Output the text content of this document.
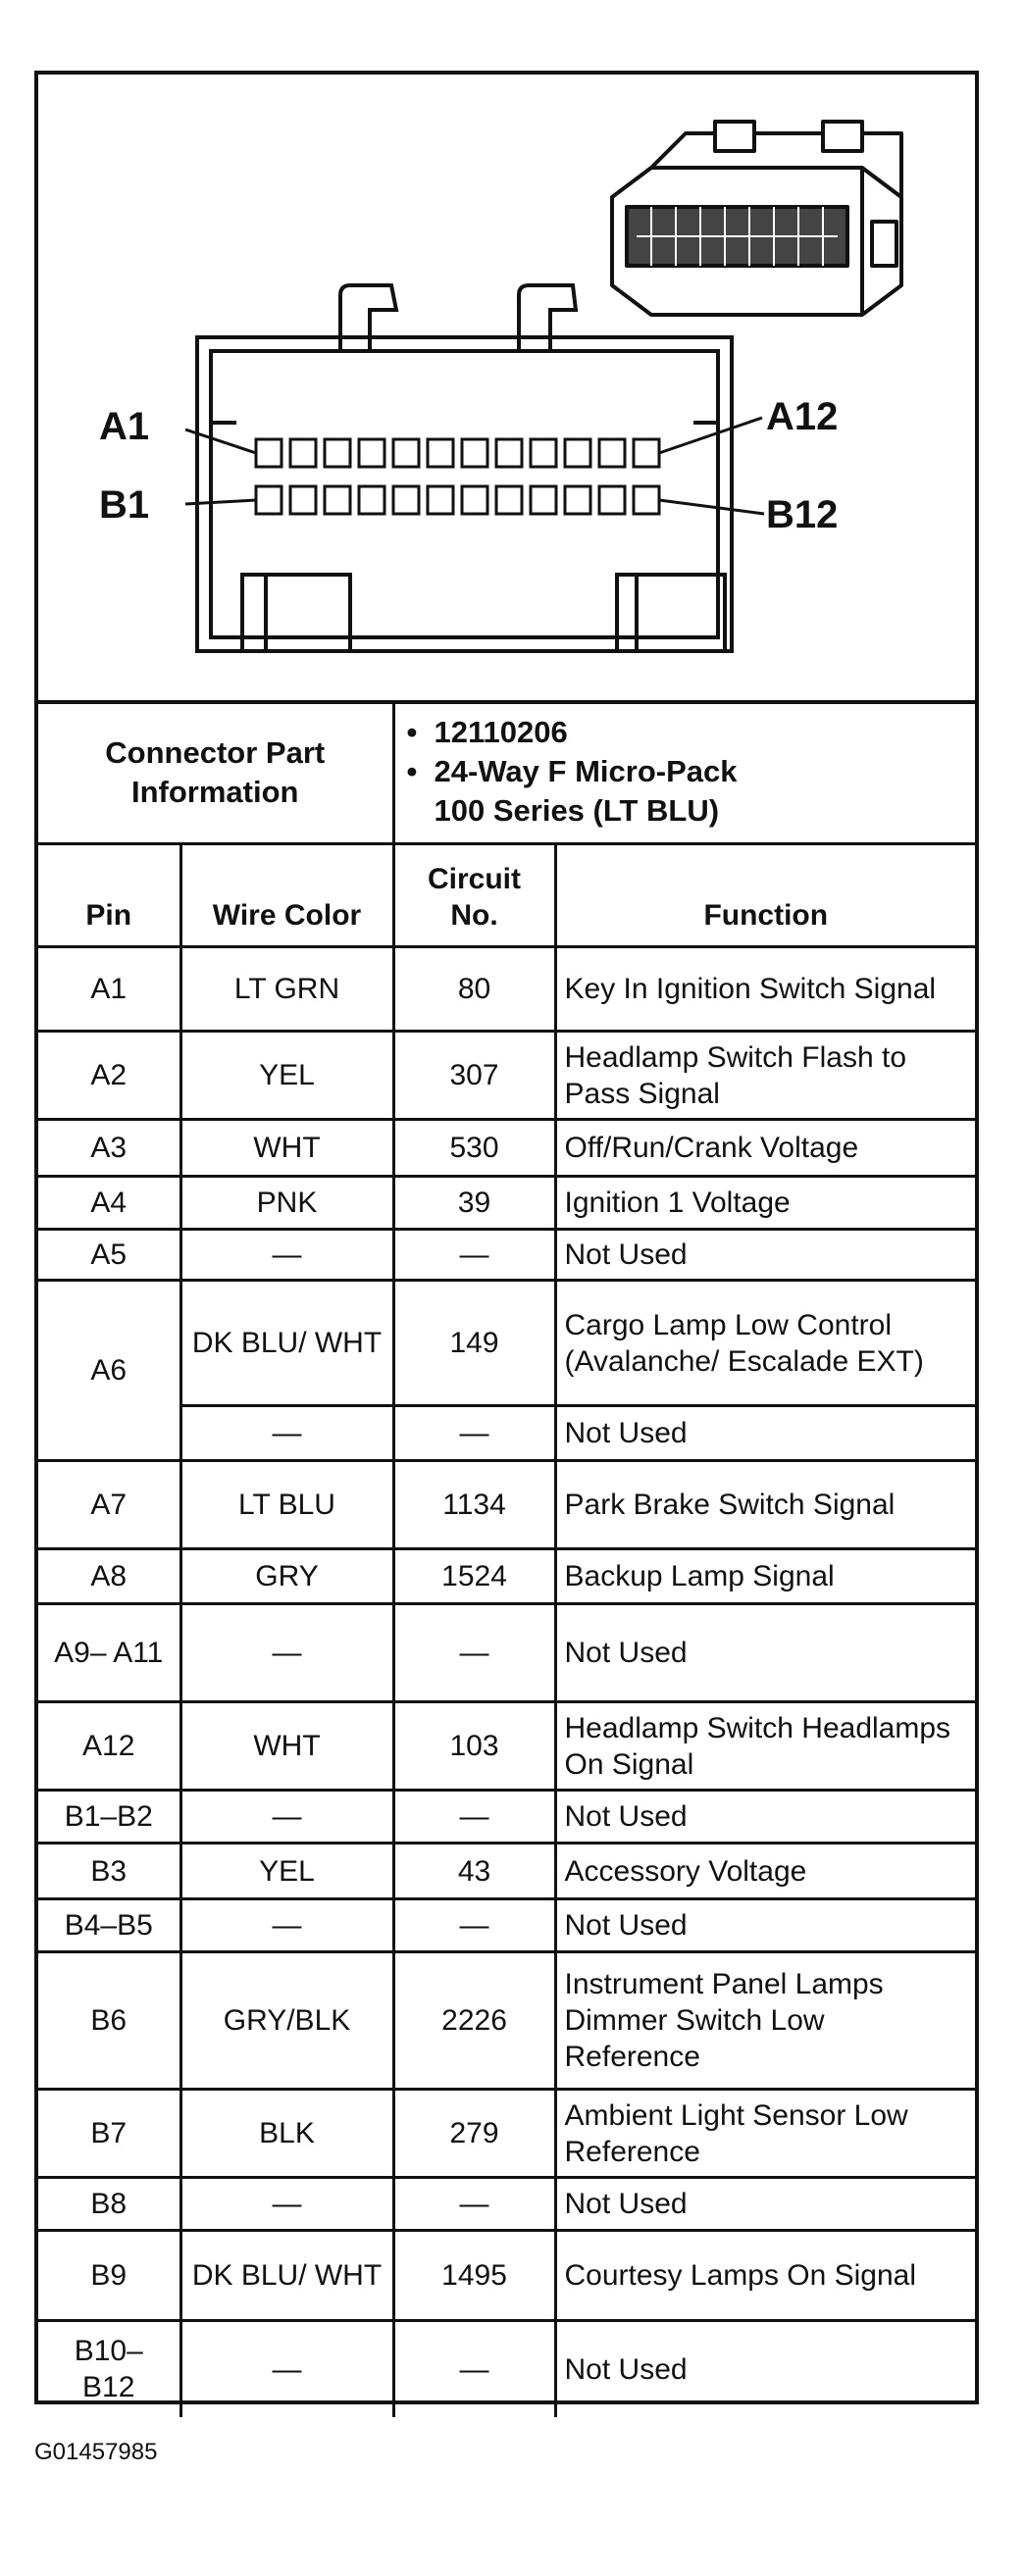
A1
B1
A12
B12
Connector Part Information		• 12110206
• 24-Way F Micro-Pack
100 Series (LT BLU)

Pin	Wire Color	Circuit No.	Function
A1	LT GRN	80	Key In Ignition Switch Signal
A2	YEL	307	Headlamp Switch Flash to Pass Signal
A3	WHT	530	Off/Run/Crank Voltage
A4	PNK	39	Ignition 1 Voltage
A5	—	—	Not Used
A6	DK BLU/ WHT	149	Cargo Lamp Low Control (Avalanche/ Escalade EXT)
	—	—	Not Used
A7	LT BLU	1134	Park Brake Switch Signal
A8	GRY	1524	Backup Lamp Signal
A9– A11	—	—	Not Used
A12	WHT	103	Headlamp Switch Headlamps On Signal
B1–B2	—	—	Not Used
B3	YEL	43	Accessory Voltage
B4–B5	—	—	Not Used
B6	GRY/BLK	2226	Instrument Panel Lamps Dimmer Switch Low Reference
B7	BLK	279	Ambient Light Sensor Low Reference
B8	—	—	Not Used
B9	DK BLU/ WHT	1495	Courtesy Lamps On Signal
B10– B12	—	—	Not Used
G01457985
